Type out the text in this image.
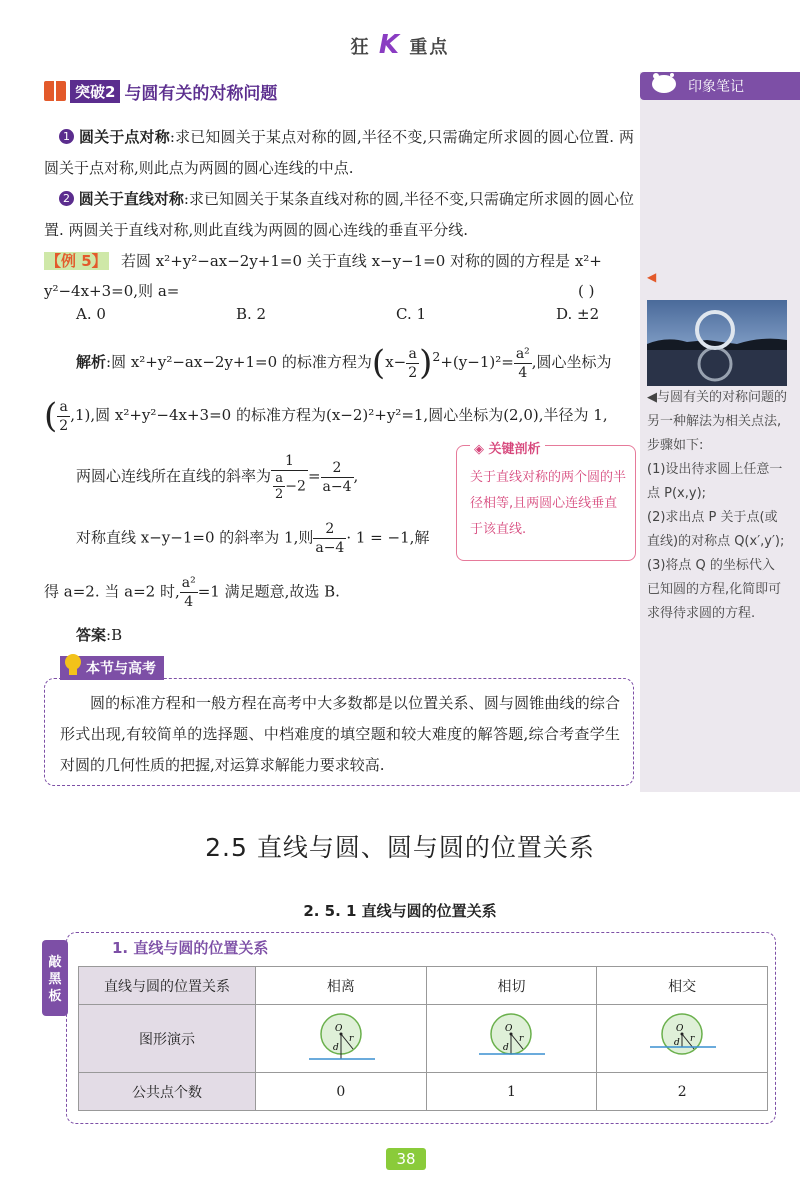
狂 K 重点
突破2 与圆有关的对称问题	印象笔记
◀
◀与圆有关的对称问题的另一种解法为相关点法,步骤如下:
(1)设出待求圆上任意一点 P(x,y);
(2)求出点 P 关于点(或直线)的对称点 Q(x′,y′);
(3)将点 Q 的坐标代入已知圆的方程,化简即可求得待求圆的方程.
 1 圆关于点对称:求已知圆关于某点对称的圆,半径不变,只需确定所求圆的圆心位置. 两圆关于点对称,则此点为两圆的圆心连线的中点.
 2 圆关于直线对称:求已知圆关于某条直线对称的圆,半径不变,只需确定所求圆的圆心位置. 两圆关于直线对称,则此直线为两圆的圆心连线的垂直平分线.
【例 5】   若圆 x²+y²−ax−2y+1=0 关于直线 x−y−1=0 对称的圆的方程是 x²+
y²−4x+3=0,则 a=	( )
A. 0	B. 2	C. 1	D. ±2
解析:圆 x²+y²−ax−2y+1=0 的标准方程为$(x- \frac{a}{2} )^2+(y-1)^2= \frac{\text{a²}}{4}$ ,圆心坐标为
( $\frac{a}{2} ,1$),圆 x²+y²−4x+3=0 的标准方程为(x−2)²+y²=1,圆心坐标为(2,0),半径为 1,
两圆心连线所在直线的斜率为 $\frac{1}{\frac{a}{2} -2} = \frac{2}{a-4}$ ,
对称直线 x−y−1=0 的斜率为 1,则 $\frac{2}{a-4} \cdot 1 = -1$,解
得 a=2. 当 a=2 时, $\frac{\text{a²}}{4} =1$ 满足题意,故选 B.
答案:B
◈ 关键剖析
关于直线对称的两个圆的半径相等,且两圆心连线垂直于该直线.
本节与高考
圆的标准方程和一般方程在高考中大多数都是以位置关系、圆与圆锥曲线的综合形式出现,有较简单的选择题、中档难度的填空题和较大难度的解答题,综合考查学生对圆的几何性质的把握,对运算求解能力要求较高.
2.5 直线与圆、圆与圆的位置关系
2. 5. 1 直线与圆的位置关系
敲
黑
板
1. 直线与圆的位置关系
直线与圆的位置关系	相离	相切	相交
图形演示	O
r
d	O
r
d	O
r
d

公共点个数	0	1	2
38
